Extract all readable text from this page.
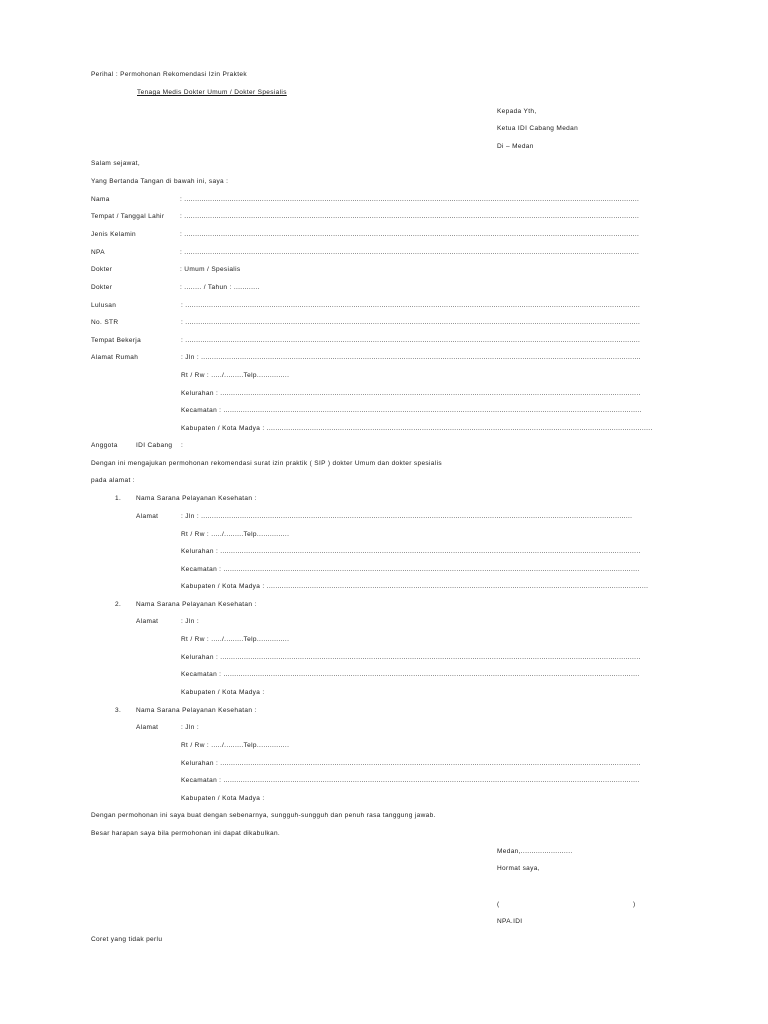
Perihal : Permohonan Rekomendasi Izin Praktek
Tenaga Medis Dokter Umum / Dokter Spesialis
Kepada Yth,
Ketua IDI Cabang Medan
Di – Medan
Salam sejawat,
Yang Bertanda Tangan di bawah ini, saya :
Nama	: ...................................................................................................................................................................................................................
Tempat / Tanggal Lahir : ...................................................................................................................................................................................................................
Jenis Kelamin	: ...................................................................................................................................................................................................................
NPA	: ...................................................................................................................................................................................................................
Dokter	: Umum / Spesialis
Dokter	: ........ / Tahun : ............
Lulusan	: ...................................................................................................................................................................................................................
No. STR	: ...................................................................................................................................................................................................................
Tempat Bekerja	: ...................................................................................................................................................................................................................
Alamat Rumah	: Jln : ............................................................................................................................................................................................................
Rt / Rw : ...../.........Telp...............
Kelurahan : ...................................................................................................................................................................................................
Kecamatan : ..................................................................................................................................................................................................
Kabupaten / Kota Madya : ...................................................................................................................................................................................
Anggota	IDI Cabang :
Dengan ini mengajukan permohonan rekomendasi surat izin praktik ( SIP ) dokter Umum dan dokter spesialis
pada alamat :
1. Nama Sarana Pelayanan Kesehatan :
Alamat	: Jln : ........................................................................................................................................................................................................
Rt / Rw : ...../.........Telp...............
Kelurahan : ...................................................................................................................................................................................................
Kecamatan : .................................................................................................................................................................................................
Kabupaten / Kota Madya : .................................................................................................................................................................................
2. Nama Sarana Pelayanan Kesehatan :
Alamat	: Jln :
Rt / Rw : ...../.........Telp...............
Kelurahan : ...................................................................................................................................................................................................
Kecamatan : .................................................................................................................................................................................................
Kabupaten / Kota Madya :
3. Nama Sarana Pelayanan Kesehatan :
Alamat	: Jln :
Rt / Rw : ...../.........Telp...............
Kelurahan : ...................................................................................................................................................................................................
Kecamatan : .................................................................................................................................................................................................
Kabupaten / Kota Madya :
Dengan permohonan ini saya buat dengan sebenarnya, sungguh-sungguh dan penuh rasa tanggung jawab.
Besar harapan saya bila permohonan ini dapat dikabulkan.
Medan,........................
Hormat saya,
(	)
NPA.IDI
Coret yang tidak perlu
